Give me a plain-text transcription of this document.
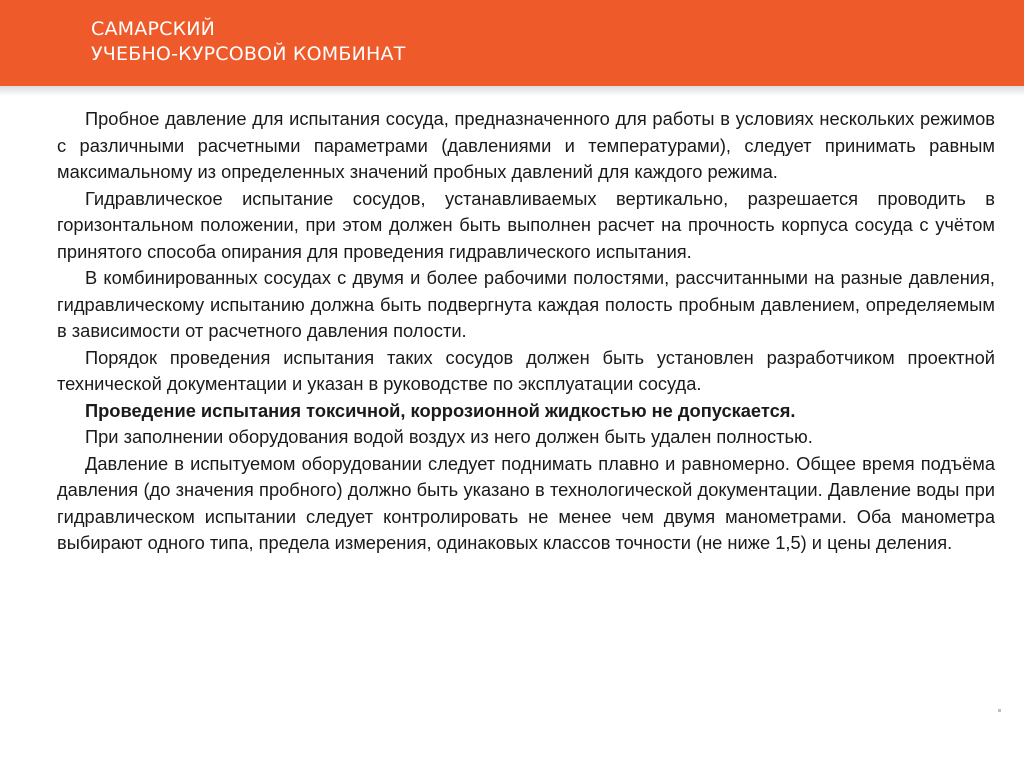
САМАРСКИЙ
УЧЕБНО-КУРСОВОЙ КОМБИНАТ

Пробное давление для испытания сосуда, предназначенного для работы в условиях нескольких режимов с различными расчетными параметрами (давлениями и температурами), следует принимать равным максимальному из определенных значений пробных давлений для каждого режима.

Гидравлическое испытание сосудов, устанавливаемых вертикально, разрешается проводить в горизонтальном положении, при этом должен быть выполнен расчет на прочность корпуса сосуда с учётом принятого способа опирания для проведения гидравлического испытания.

В комбинированных сосудах с двумя и более рабочими полостями, рассчитанными на разные давления, гидравлическому испытанию должна быть подвергнута каждая полость пробным давлением, определяемым в зависимости от расчетного давления полости.

Порядок проведения испытания таких сосудов должен быть установлен разработчиком проектной технической документации и указан в руководстве по эксплуатации сосуда.

Проведение испытания токсичной, коррозионной жидкостью не допускается.

При заполнении оборудования водой воздух из него должен быть удален полностью.

Давление в испытуемом оборудовании следует поднимать плавно и равномерно. Общее время подъёма давления (до значения пробного) должно быть указано в технологической документации. Давление воды при гидравлическом испытании следует контролировать не менее чем двумя манометрами. Оба манометра выбирают одного типа, предела измерения, одинаковых классов точности (не ниже 1,5) и цены деления.
